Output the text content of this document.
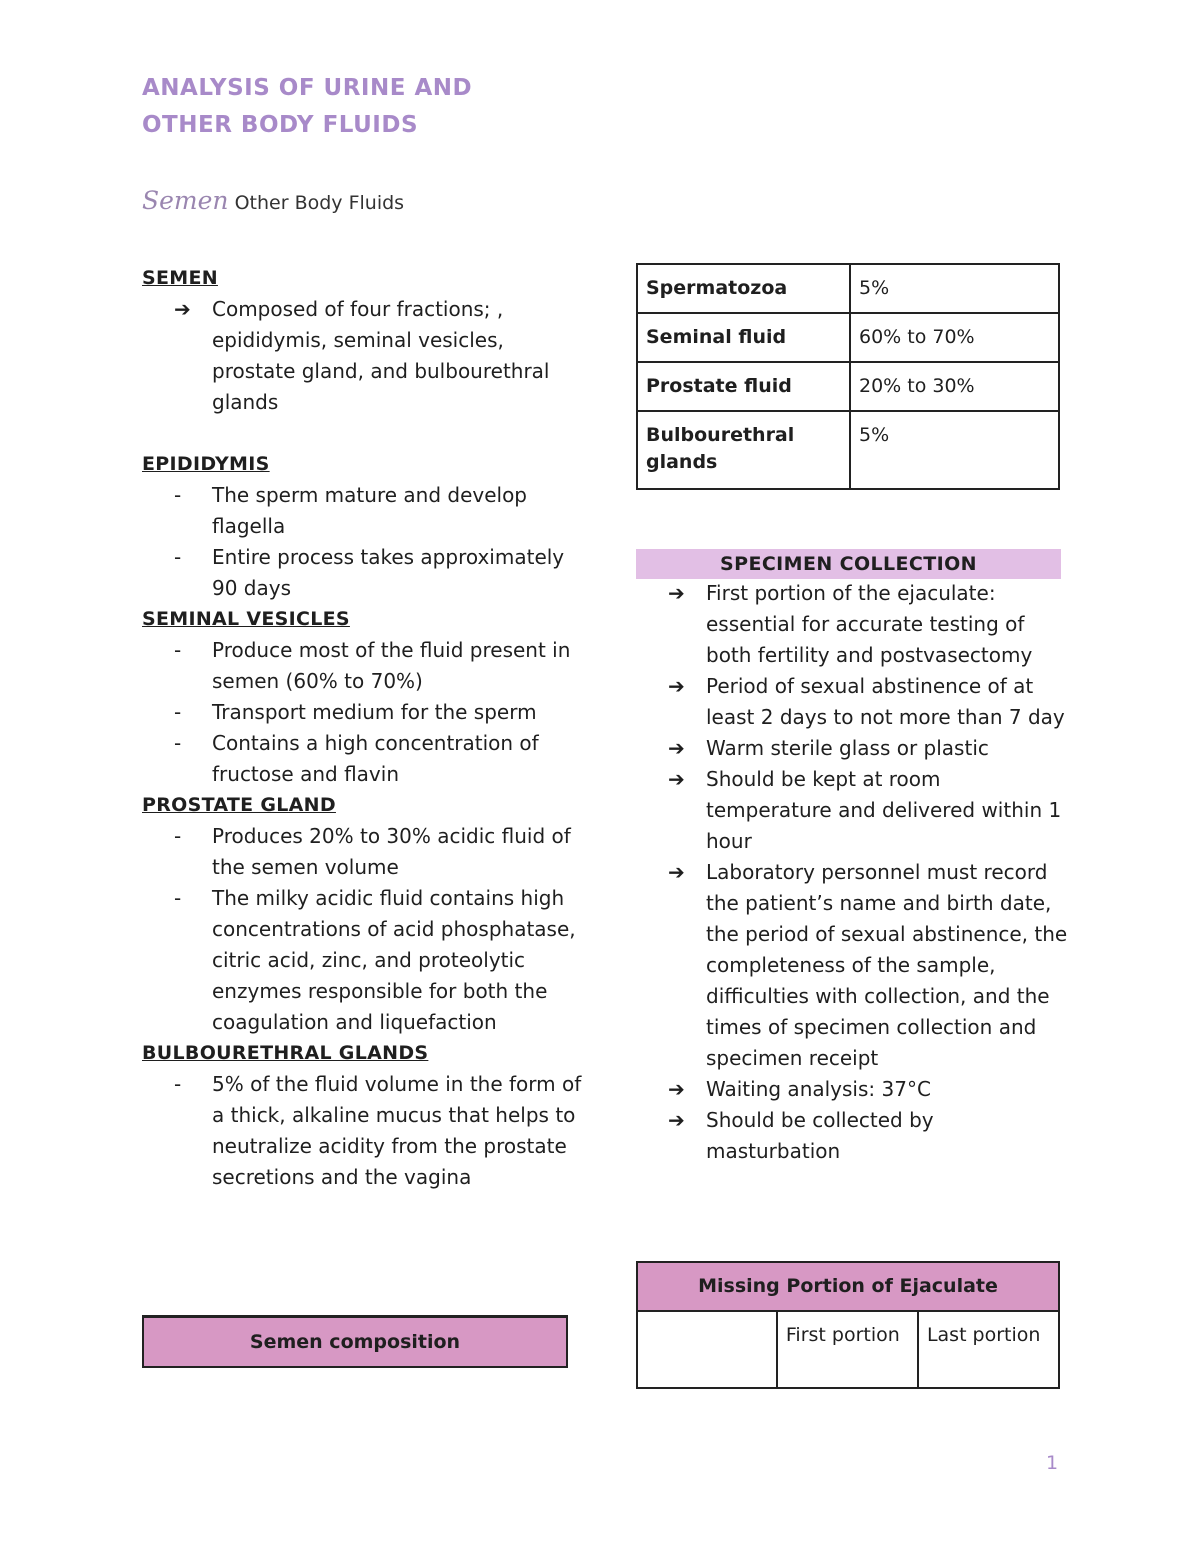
ANALYSIS OF URINE AND
OTHER BODY FLUIDS

Semen Other Body Fluids

SEMEN

➔	Composed of four fractions; , epididymis, seminal vesicles, prostate gland, and bulbourethral glands

EPIDIDYMIS

-	The sperm mature and develop flagella
-	Entire process takes approximately 90 days

SEMINAL VESICLES

-	Produce most of the fluid present in semen (60% to 70%)
-	Transport medium for the sperm
-	Contains a high concentration of fructose and flavin

PROSTATE GLAND

-	Produces 20% to 30% acidic fluid of the semen volume
-	The milky acidic fluid contains high concentrations of acid phosphatase, citric acid, zinc, and proteolytic enzymes responsible for both the coagulation and liquefaction

BULBOURETHRAL GLANDS

-	5% of the fluid volume in the form of a thick, alkaline mucus that helps to neutralize acidity from the prostate secretions and the vagina
Semen composition
Spermatozoa	5%
Seminal fluid	60% to 70%
Prostate fluid	20% to 30%
Bulbourethral glands	5%
SPECIMEN COLLECTION
➔	First portion of the ejaculate: essential for accurate testing of both fertility and postvasectomy
➔	Period of sexual abstinence of at least 2 days to not more than 7 day
➔	Warm sterile glass or plastic
➔	Should be kept at room temperature and delivered within 1 hour
➔	Laboratory personnel must record the patient’s name and birth date, the period of sexual abstinence, the completeness of the sample, difficulties with collection, and the times of specimen collection and specimen receipt
➔	Waiting analysis: 37°C
➔	Should be collected by masturbation
Missing Portion of Ejaculate
	First portion	Last portion
1
